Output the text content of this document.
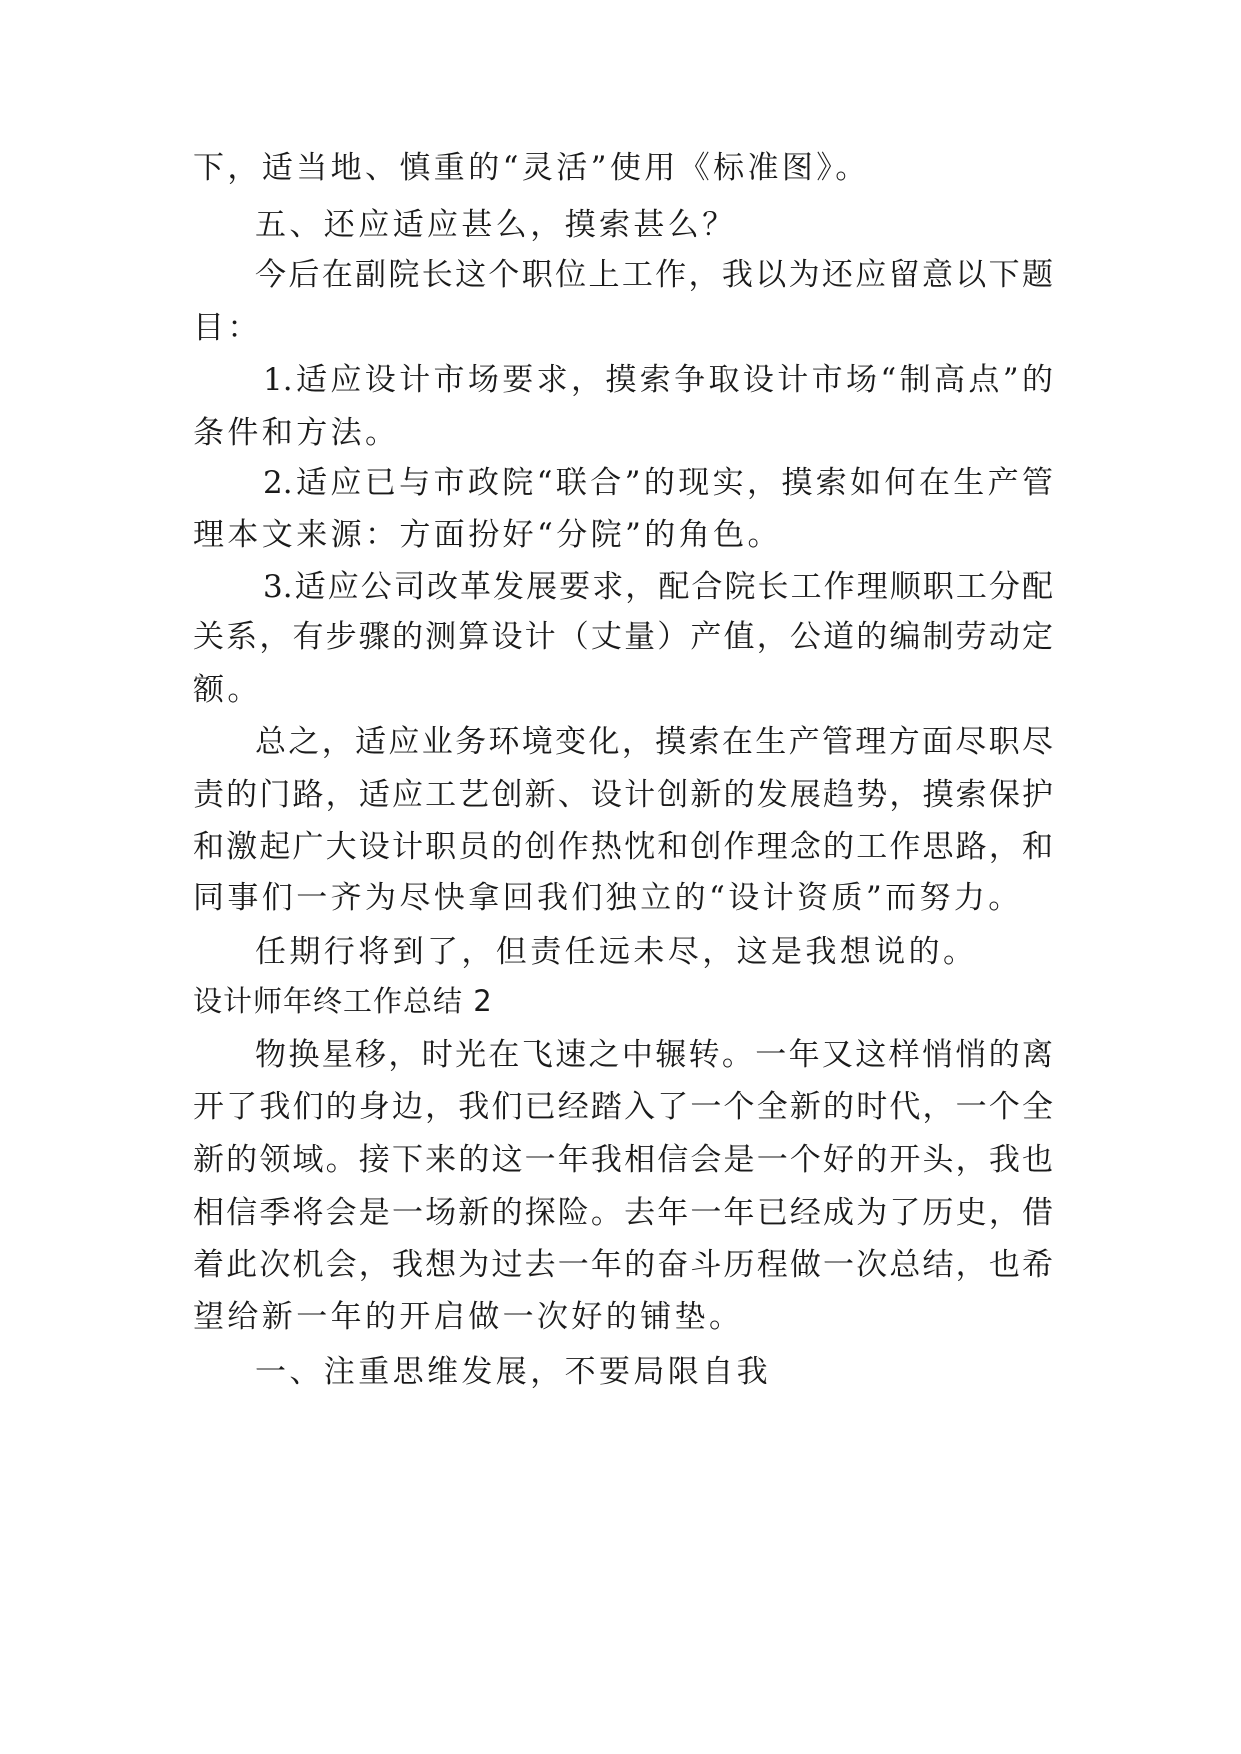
下，适当地、慎重的“灵活”使用《标准图》。
五、还应适应甚么，摸索甚么？
今后在副院长这个职位上工作，我以为还应留意以下题
目：
1.适应设计市场要求，摸索争取设计市场“制高点”的
条件和方法。
2.适应已与市政院“联合”的现实，摸索如何在生产管
理本文来源：方面扮好“分院”的角色。
3.适应公司改革发展要求，配合院长工作理顺职工分配
关系，有步骤的测算设计（丈量）产值，公道的编制劳动定
额。
总之，适应业务环境变化，摸索在生产管理方面尽职尽
责的门路，适应工艺创新、设计创新的发展趋势，摸索保护
和激起广大设计职员的创作热忱和创作理念的工作思路，和
同事们一齐为尽快拿回我们独立的“设计资质”而努力。
任期行将到了，但责任远未尽，这是我想说的。
设计师年终工作总结 2
物换星移，时光在飞速之中辗转。一年又这样悄悄的离
开了我们的身边，我们已经踏入了一个全新的时代，一个全
新的领域。接下来的这一年我相信会是一个好的开头，我也
相信季将会是一场新的探险。去年一年已经成为了历史，借
着此次机会，我想为过去一年的奋斗历程做一次总结，也希
望给新一年的开启做一次好的铺垫。
一、注重思维发展，不要局限自我
